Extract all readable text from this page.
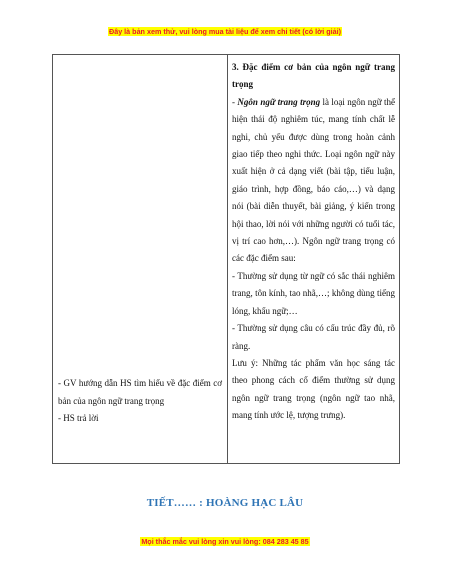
Đây là bản xem thử, vui lòng mua tài liệu để xem chi tiết (có lời giải)

- GV hướng dẫn HS tìm hiểu về đặc điểm cơ bản của ngôn ngữ trang trọng

- HS trả lời

3. Đặc điểm cơ bản của ngôn ngữ trang trọng

- Ngôn ngữ trang trọng là loại ngôn ngữ thể hiện thái độ nghiêm túc, mang tính chất lễ nghi, chủ yếu được dùng trong hoàn cảnh giao tiếp theo nghi thức. Loại ngôn ngữ này xuất hiện ở cả dạng viết (bài tập, tiểu luận, giáo trình, hợp đồng, báo cáo,…) và dạng nói (bài diễn thuyết, bài giảng, ý kiến trong hội thao, lời nói với những người có tuổi tác, vị trí cao hơn,…). Ngôn ngữ trang trọng có các đặc điểm sau:

- Thường sử dụng từ ngữ có sắc thái nghiêm trang, tôn kính, tao nhã,…; không dùng tiếng lóng, khẩu ngữ;…

- Thường sử dụng câu có cấu trúc đầy đủ, rõ ràng.

Lưu ý: Những tác phẩm văn học sáng tác theo phong cách cổ điểm thường sử dụng ngôn ngữ trang trọng (ngôn ngữ tao nhã, mang tính ước lệ, tượng trưng).

TIẾT…… : HOÀNG HẠC LÂU
Mọi thắc mắc vui lòng xin vui lòng: 084 283 45 85
